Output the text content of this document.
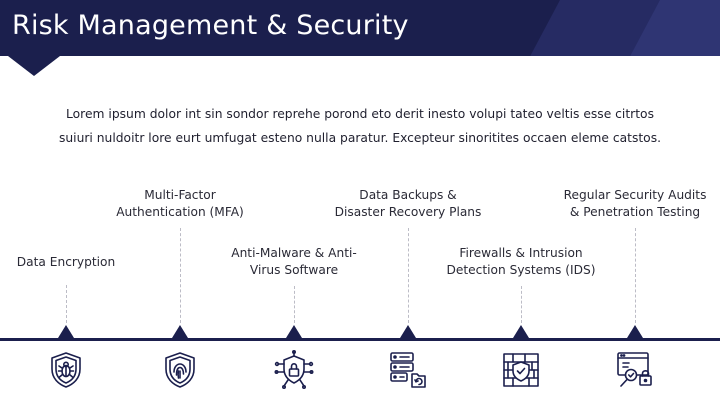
Risk Management & Security

Lorem ipsum dolor int sin sondor reprehe porond eto derit inesto volupi tateo veltis esse citrtos
suiuri nuldoitr lore eurt umfugat esteno nulla paratur. Excepteur sinoritites occaen eleme catstos.

Data Encryption
Multi-Factor
Authentication (MFA)
Anti-Malware & Anti-
Virus Software
Data Backups &
Disaster Recovery Plans
Firewalls & Intrusion
Detection Systems (IDS)
Regular Security Audits
& Penetration Testing
